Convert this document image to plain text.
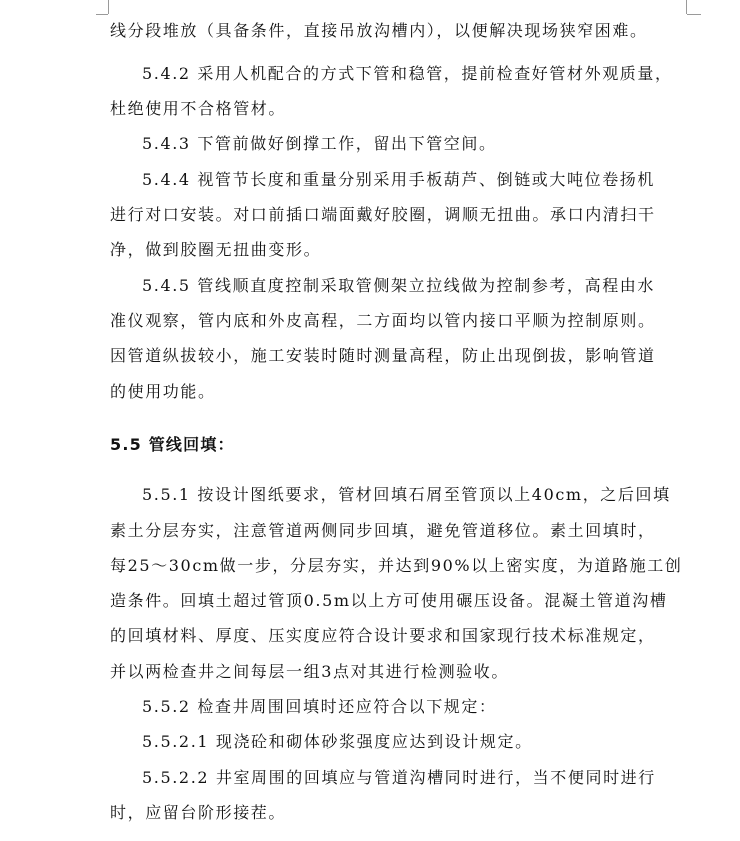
线分段堆放（具备条件，直接吊放沟槽内），以便解决现场狭窄困难。
5.4.2 采用人机配合的方式下管和稳管，提前检查好管材外观质量，
杜绝使用不合格管材。
5.4.3 下管前做好倒撑工作，留出下管空间。
5.4.4 视管节长度和重量分别采用手板葫芦、倒链或大吨位卷扬机
进行对口安装。对口前插口端面戴好胶圈，调顺无扭曲。承口内清扫干
净，做到胶圈无扭曲变形。
5.4.5 管线顺直度控制采取管侧架立拉线做为控制参考，高程由水
准仪观察，管内底和外皮高程，二方面均以管内接口平顺为控制原则。
因管道纵拔较小，施工安装时随时测量高程，防止出现倒拔，影响管道
的使用功能。
5.5 管线回填：
5.5.1 按设计图纸要求，管材回填石屑至管顶以上40cm，之后回填
素土分层夯实，注意管道两侧同步回填，避免管道移位。素土回填时，
每25～30cm做一步，分层夯实，并达到90%以上密实度，为道路施工创
造条件。回填土超过管顶0.5m以上方可使用碾压设备。混凝土管道沟槽
的回填材料、厚度、压实度应符合设计要求和国家现行技术标准规定，
并以两检查井之间每层一组3点对其进行检测验收。
5.5.2 检查井周围回填时还应符合以下规定：
5.5.2.1 现浇砼和砌体砂浆强度应达到设计规定。
5.5.2.2 井室周围的回填应与管道沟槽同时进行，当不便同时进行
时，应留台阶形接茬。
